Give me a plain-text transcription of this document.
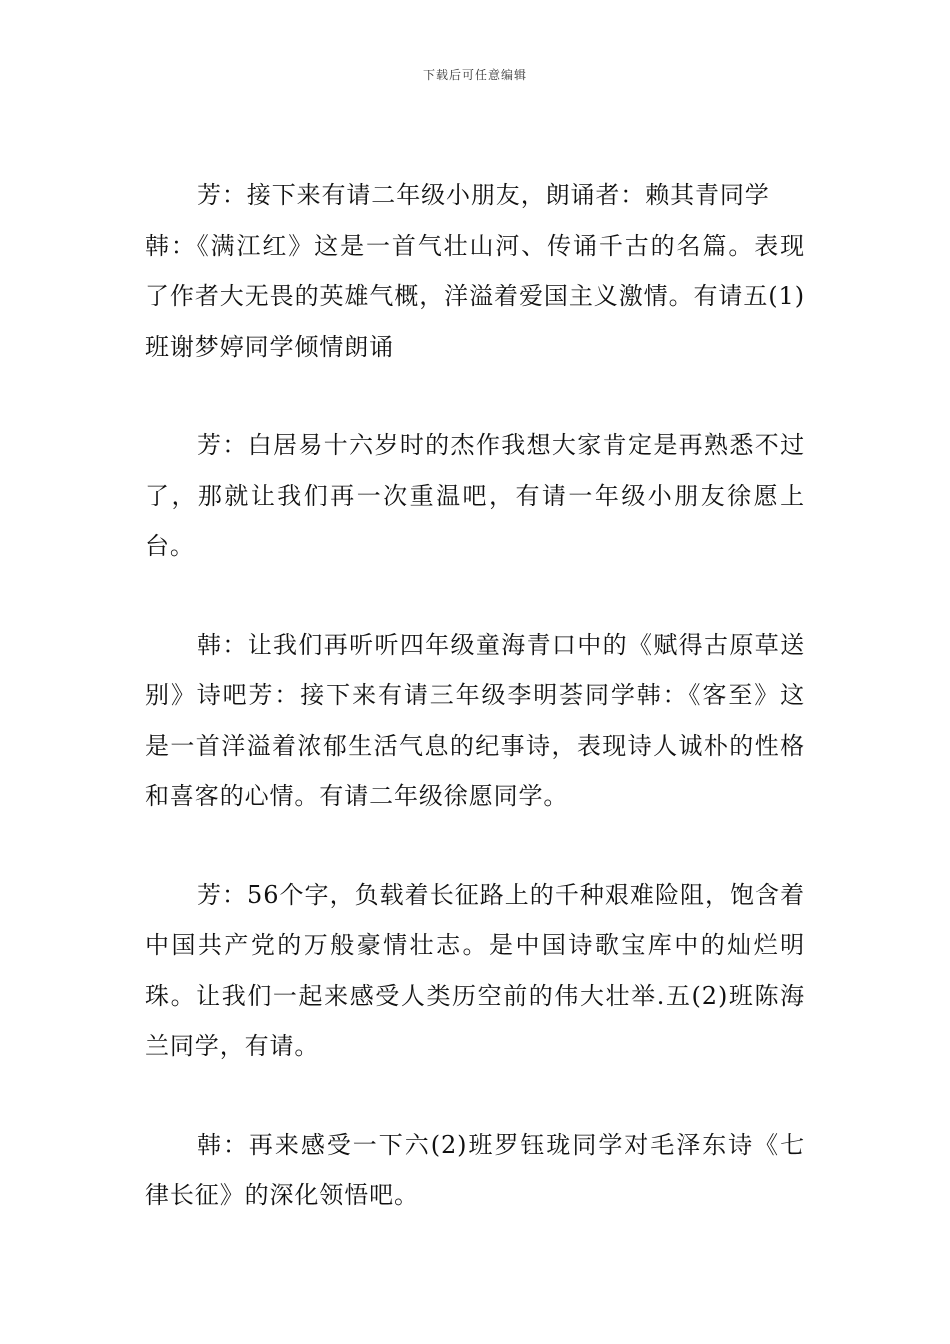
下载后可任意编辑
芳：接下来有请二年级小朋友，朗诵者：赖其青同学
韩：《满江红》这是一首气壮山河、传诵千古的名篇。表现了作者大无畏的英雄气概，洋溢着爱国主义激情。有请五(1)班谢梦婷同学倾情朗诵

芳：白居易十六岁时的杰作我想大家肯定是再熟悉不过了，那就让我们再一次重温吧，有请一年级小朋友徐愿上台。

韩：让我们再听听四年级童海青口中的《赋得古原草送别》诗吧芳：接下来有请三年级李明荟同学韩：《客至》这是一首洋溢着浓郁生活气息的纪事诗，表现诗人诚朴的性格和喜客的心情。有请二年级徐愿同学。

芳：56个字，负载着长征路上的千种艰难险阻，饱含着中国共产党的万般豪情壮志。是中国诗歌宝库中的灿烂明珠。让我们一起来感受人类历空前的伟大壮举.五(2)班陈海兰同学，有请。

韩：再来感受一下六(2)班罗钰珑同学对毛泽东诗《七律长征》的深化领悟吧。
